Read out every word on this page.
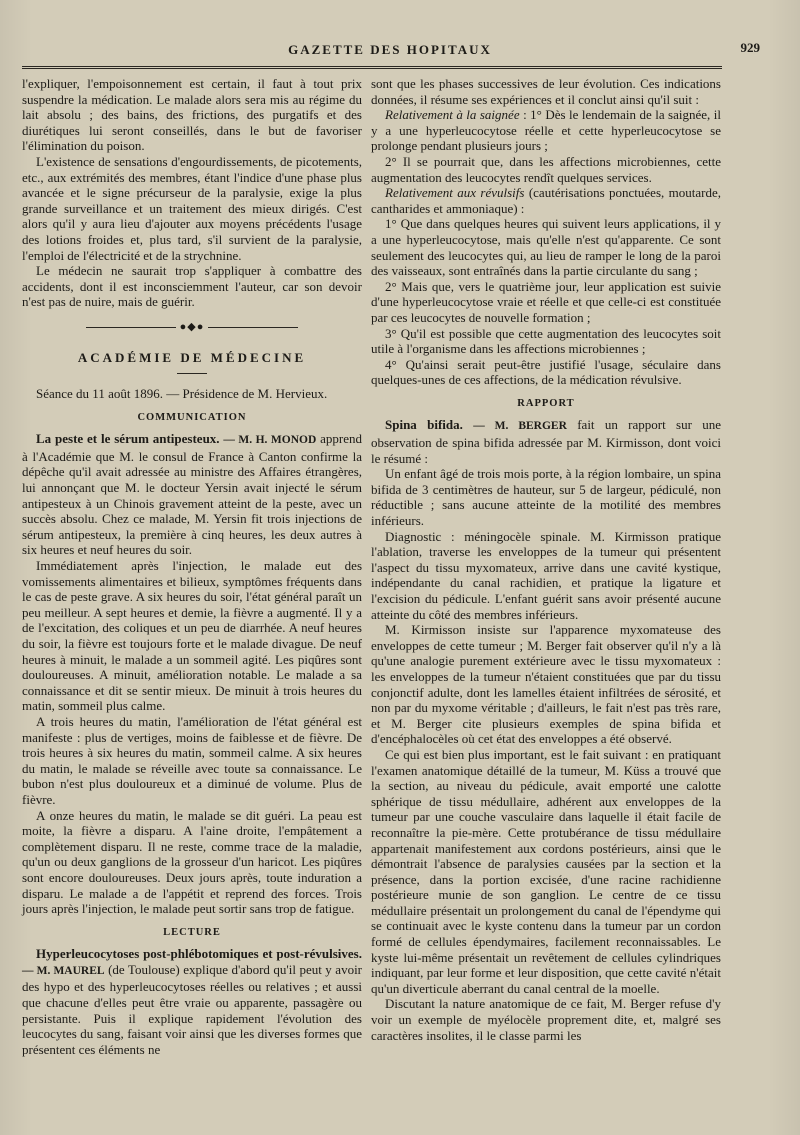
GAZETTE DES HOPITAUX	929

l'expliquer, l'empoisonnement est certain, il faut à tout prix suspendre la médication. Le malade alors sera mis au régime du lait absolu ; des bains, des frictions, des purgatifs et des diurétiques lui seront conseillés, dans le but de favoriser l'élimination du poison.

L'existence de sensations d'engourdissements, de picotements, etc., aux extrémités des membres, étant l'indice d'une phase plus avancée et le signe précurseur de la paralysie, exige la plus grande surveillance et un traitement des mieux dirigés. C'est alors qu'il y aura lieu d'ajouter aux moyens précédents l'usage des lotions froides et, plus tard, s'il survient de la paralysie, l'emploi de l'électricité et de la strychnine.

Le médecin ne saurait trop s'appliquer à combattre des accidents, dont il est inconsciemment l'auteur, car son devoir n'est pas de nuire, mais de guérir.

●◆●
ACADÉMIE DE MÉDECINE

Séance du 11 août 1896. — Présidence de M. Hervieux.

COMMUNICATION

La peste et le sérum antipesteux. — M. H. MONOD apprend à l'Académie que M. le consul de France à Canton confirme la dépêche qu'il avait adressée au ministre des Affaires étrangères, lui annonçant que M. le docteur Yersin avait injecté le sérum antipesteux à un Chinois gravement atteint de la peste, avec un succès absolu. Chez ce malade, M. Yersin fit trois injections de sérum antipesteux, la première à cinq heures, les deux autres à six heures et neuf heures du soir.

Immédiatement après l'injection, le malade eut des vomissements alimentaires et bilieux, symptômes fréquents dans le cas de peste grave. A six heures du soir, l'état général paraît un peu meilleur. A sept heures et demie, la fièvre a augmenté. Il y a de l'excitation, des coliques et un peu de diarrhée. A neuf heures du soir, la fièvre est toujours forte et le malade divague. De neuf heures à minuit, le malade a un sommeil agité. Les piqûres sont douloureuses. A minuit, amélioration notable. Le malade a sa connaissance et dit se sentir mieux. De minuit à trois heures du matin, sommeil plus calme.

A trois heures du matin, l'amélioration de l'état général est manifeste : plus de vertiges, moins de faiblesse et de fièvre. De trois heures à six heures du matin, sommeil calme. A six heures du matin, le malade se réveille avec toute sa connaissance. Le bubon n'est plus douloureux et a diminué de volume. Plus de fièvre.

A onze heures du matin, le malade se dit guéri. La peau est moite, la fièvre a disparu. A l'aine droite, l'empâtement a complètement disparu. Il ne reste, comme trace de la maladie, qu'un ou deux ganglions de la grosseur d'un haricot. Les piqûres sont encore douloureuses. Deux jours après, toute induration a disparu. Le malade a de l'appétit et reprend des forces. Trois jours après l'injection, le malade peut sortir sans trop de fatigue.

LECTURE

Hyperleucocytoses post-phlébotomiques et post-révulsives. — M. MAUREL (de Toulouse) explique d'abord qu'il peut y avoir des hypo et des hyperleucocytoses réelles ou relatives ; et aussi que chacune d'elles peut être vraie ou apparente, passagère ou persistante. Puis il explique rapidement l'évolution des leucocytes du sang, faisant voir ainsi que les diverses formes que présentent ces éléments ne

sont que les phases successives de leur évolution. Ces indications données, il résume ses expériences et il conclut ainsi qu'il suit :

Relativement à la saignée : 1° Dès le lendemain de la saignée, il y a une hyperleucocytose réelle et cette hyperleucocytose se prolonge pendant plusieurs jours ;

2° Il se pourrait que, dans les affections microbiennes, cette augmentation des leucocytes rendît quelques services.

Relativement aux révulsifs (cautérisations ponctuées, moutarde, cantharides et ammoniaque) :

1° Que dans quelques heures qui suivent leurs applications, il y a une hyperleucocytose, mais qu'elle n'est qu'apparente. Ce sont seulement des leucocytes qui, au lieu de ramper le long de la paroi des vaisseaux, sont entraînés dans la partie circulante du sang ;

2° Mais que, vers le quatrième jour, leur application est suivie d'une hyperleucocytose vraie et réelle et que celle-ci est constituée par ces leucocytes de nouvelle formation ;

3° Qu'il est possible que cette augmentation des leucocytes soit utile à l'organisme dans les affections microbiennes ;

4° Qu'ainsi serait peut-être justifié l'usage, séculaire dans quelques-unes de ces affections, de la médication révulsive.

RAPPORT

Spina bifida. — M. BERGER fait un rapport sur une observation de spina bifida adressée par M. Kirmisson, dont voici le résumé :

Un enfant âgé de trois mois porte, à la région lombaire, un spina bifida de 3 centimètres de hauteur, sur 5 de largeur, pédiculé, non réductible ; sans aucune atteinte de la motilité des membres inférieurs.

Diagnostic : méningocèle spinale. M. Kirmisson pratique l'ablation, traverse les enveloppes de la tumeur qui présentent l'aspect du tissu myxomateux, arrive dans une cavité kystique, indépendante du canal rachidien, et pratique la ligature et l'excision du pédicule. L'enfant guérit sans avoir présenté aucune atteinte du côté des membres inférieurs.

M. Kirmisson insiste sur l'apparence myxomateuse des enveloppes de cette tumeur ; M. Berger fait observer qu'il n'y a là qu'une analogie purement extérieure avec le tissu myxomateux : les enveloppes de la tumeur n'étaient constituées que par du tissu conjonctif adulte, dont les lamelles étaient infiltrées de sérosité, et non par du myxome véritable ; d'ailleurs, le fait n'est pas très rare, et M. Berger cite plusieurs exemples de spina bifida et d'encéphalocèles où cet état des enveloppes a été observé.

Ce qui est bien plus important, est le fait suivant : en pratiquant l'examen anatomique détaillé de la tumeur, M. Küss a trouvé que la section, au niveau du pédicule, avait emporté une calotte sphérique de tissu médullaire, adhérent aux enveloppes de la tumeur par une couche vasculaire dans laquelle il était facile de reconnaître la pie-mère. Cette protubérance de tissu médullaire appartenait manifestement aux cordons postérieurs, ainsi que le démontrait l'absence de paralysies causées par la section et la présence, dans la portion excisée, d'une racine rachidienne postérieure munie de son ganglion. Le centre de ce tissu médullaire présentait un prolongement du canal de l'épendyme qui se continuait avec le kyste contenu dans la tumeur par un cordon formé de cellules épendymaires, facilement reconnaissables. Le kyste lui-même présentait un revêtement de cellules cylindriques indiquant, par leur forme et leur disposition, que cette cavité n'était qu'un diverticule aberrant du canal central de la moelle.

Discutant la nature anatomique de ce fait, M. Berger refuse d'y voir un exemple de myélocèle proprement dite, et, malgré ses caractères insolites, il le classe parmi les
